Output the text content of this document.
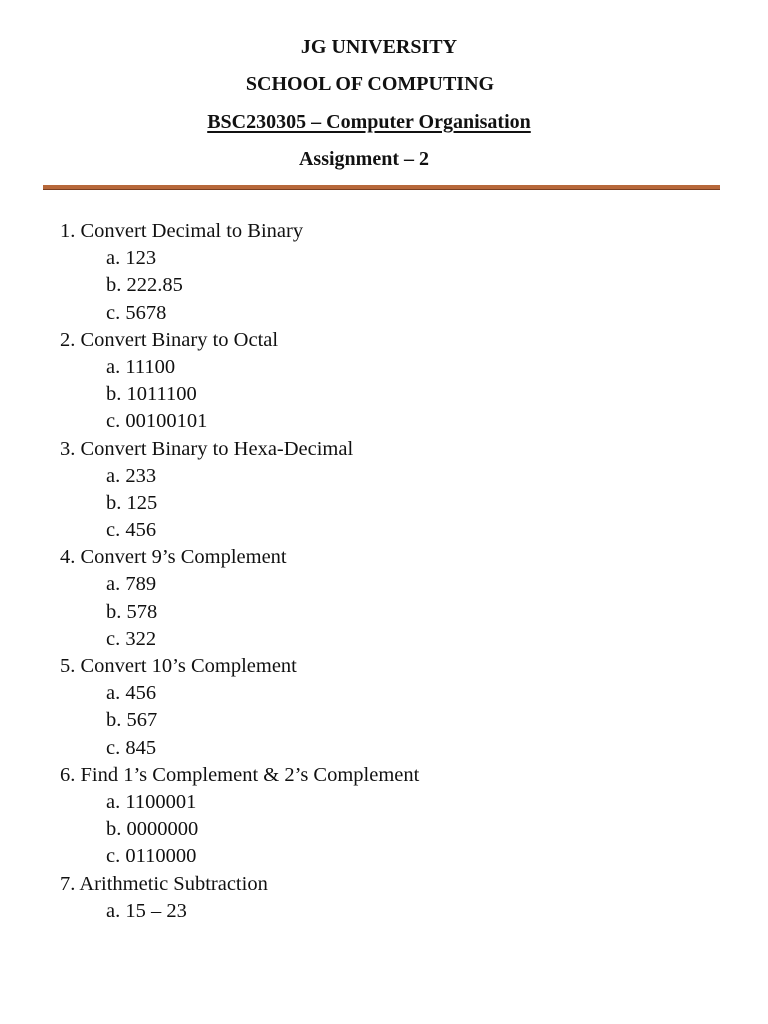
JG UNIVERSITY
SCHOOL OF COMPUTING
BSC230305 – Computer Organisation
Assignment – 2
1. Convert Decimal to Binary
a. 123
b. 222.85
c. 5678
2. Convert Binary to Octal
a. 11100
b. 1011100
c. 00100101
3. Convert Binary to Hexa-Decimal
a. 233
b. 125
c. 456
4. Convert 9’s Complement
a. 789
b. 578
c. 322
5. Convert 10’s Complement
a. 456
b. 567
c. 845
6. Find 1’s Complement & 2’s Complement
a. 1100001
b. 0000000
c. 0110000
7. Arithmetic Subtraction
a. 15 – 23
